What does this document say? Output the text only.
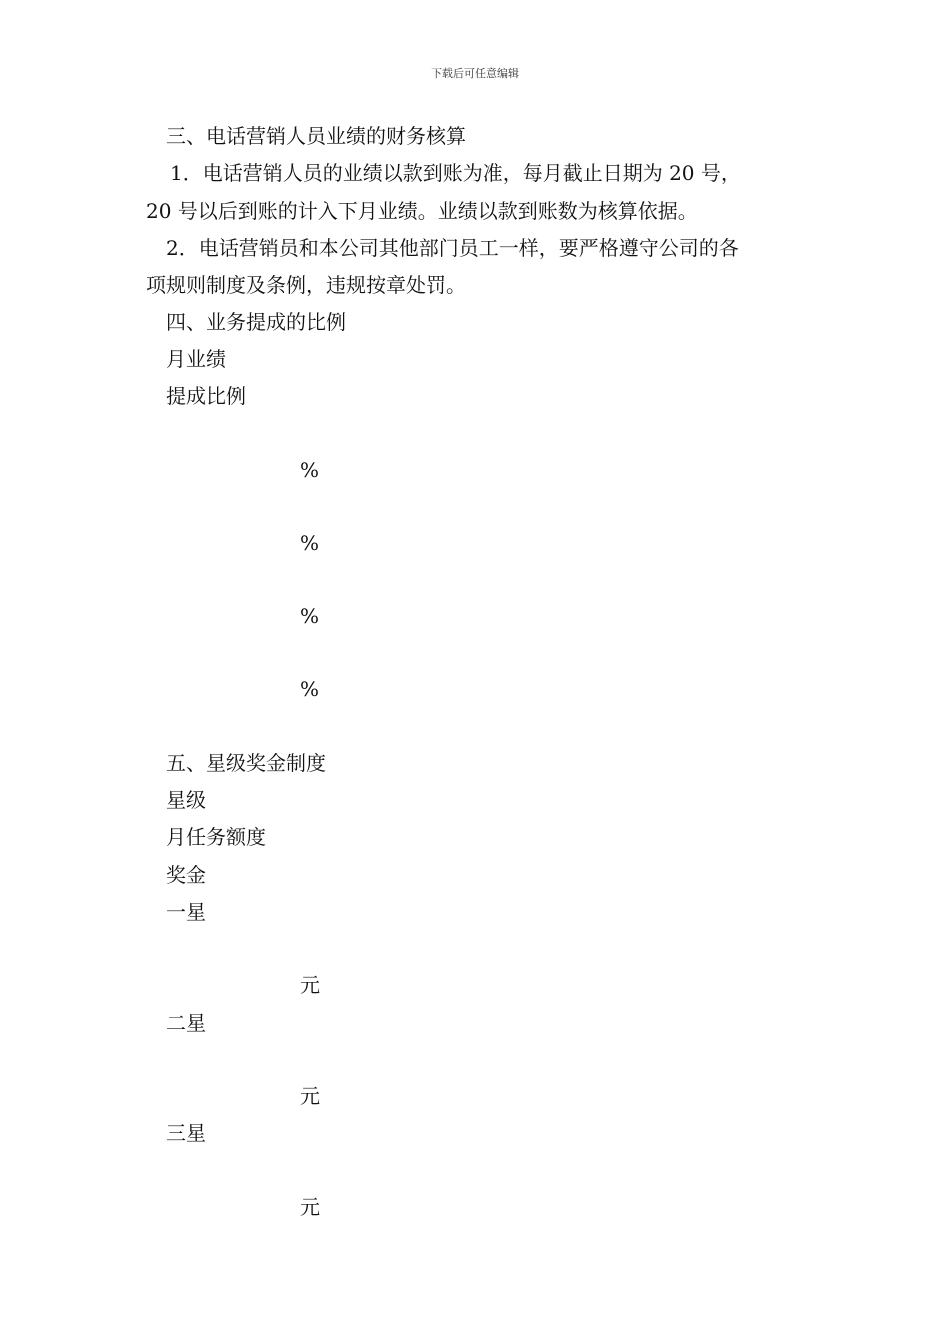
下载后可任意编辑
三、电话营销人员业绩的财务核算
1．电话营销人员的业绩以款到账为准，每月截止日期为 20 号，
20 号以后到账的计入下月业绩。业绩以款到账数为核算依据。
2．电话营销员和本公司其他部门员工一样，要严格遵守公司的各
项规则制度及条例，违规按章处罚。
四、业务提成的比例
月业绩
提成比例
%
%
%
%
五、星级奖金制度
星级
月任务额度
奖金
一星
元
二星
元
三星
元
